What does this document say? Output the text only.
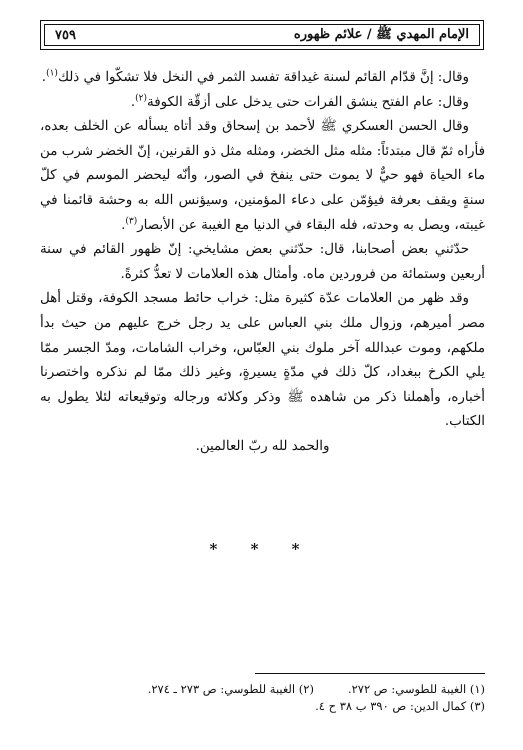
الإمام المهدي ﷺ / علائم ظهوره
٧٥٩

وقال: إنَّ قدّام القائم لسنة غيداقة تفسد الثمر في النخل فلا تشكّوا في ذلك$^{(١)}$.

وقال: عام الفتح ينشق الفرات حتى يدخل على أزقّة الكوفة$^{(٢)}$.

وقال الحسن العسكري ﷺ لأحمد بن إسحاق وقد أتاه يسأله عن الخلف بعده، فأراه ثمّ قال مبتدئاً: مثله مثل الخضر، ومثله مثل ذو القرنين، إنّ الخضر شرب من ماء الحياة فهو حيٌّ لا يموت حتى ينفخ في الصور، وأنّه ليحضر الموسم في كلّ سنةٍ ويقف بعرفة فيؤمّن على دعاء المؤمنين، وسيؤنس الله به وحشة قائمنا في غيبته، ويصل به وحدته، فله البقاء في الدنيا مع الغيبة عن الأبصار$^{(٣)}$.

حدّثني بعض أصحابنا، قال: حدّثني بعض مشايخي: إنّ ظهور القائم في سنة أربعين وستمائة من فروردين ماه. وأمثال هذه العلامات لا تعدُّ كثرةً.

وقد ظهر من العلامات عدّة كثيرة مثل: خراب حائط مسجد الكوفة، وقتل أهل مصر أميرهم، وزوال ملك بني العباس على يد رجل خرج عليهم من حيث بدأ ملكهم، وموت عبدالله آخر ملوك بني العبّاس، وخراب الشامات، ومدّ الجسر ممّا يلي الكرخ ببغداد، كلّ ذلك في مدّةٍ يسيرةٍ، وغير ذلك ممّا لم نذكره واختصرنا أخباره، وأهملنا ذكر من شاهده ﷺ وذكر وكلائه ورجاله وتوقيعاته لئلا يطول به الكتاب.

والحمد لله ربّ العالمين.

* * *
(١) الغيبة للطوسي: ص ٢٧٢.
(٢) الغيبة للطوسي: ص ٢٧٣ ـ ٢٧٤.
(٣) كمال الدين: ص ٣٩٠ ب ٣٨ ح ٤.
